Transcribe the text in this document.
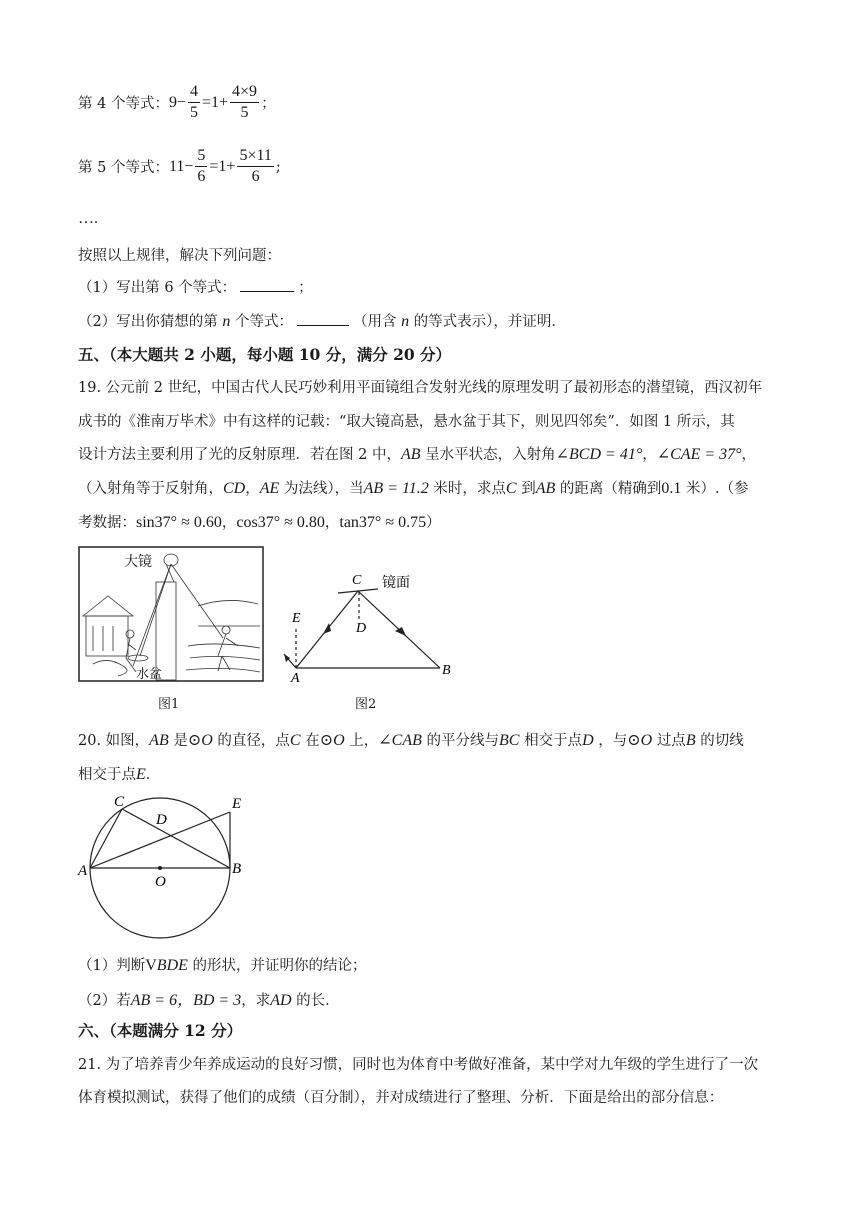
第 4 个等式： $9 - \frac{4}{5} =1+ \frac{4\times 9}{5}$ ；
第 5 个等式： $11 - \frac{5}{6} =1+ \frac{5\times 11}{6}$ ;
….
按照以上规律，解决下列问题：
（1）写出第 6 个等式：	；
（2）写出你猜想的第 n 个等式：	（用含 n 的等式表示），并证明．
五、（本大题共 2 小题，每小题 10 分，满分 20 分）
19. 公元前 2 世纪，中国古代人民巧妙利用平面镜组合发射光线的原理发明了最初形态的潜望镜，西汉初年
成书的《淮南万毕术》中有这样的记载：“取大镜高悬，悬水盆于其下，则见四邻矣”．如图 1 所示，其
设计方法主要利用了光的反射原理．若在图 2 中，AB 呈水平状态，入射角∠BCD = 41°，∠CAE = 37°，
（入射角等于反射角，CD，AE 为法线），当AB = 11.2 米时，求点C 到AB 的距离（精确到0.1 米）.（参
考数据：sin37° ≈ 0.60，cos37° ≈ 0.80，tan37° ≈ 0.75）
大镜
水盆
图1
C 镜面
D
E
A
B
图2
20. 如图，AB 是⊙O 的直径，点C 在⊙O 上，∠CAB 的平分线与BC 相交于点D ，与⊙O 过点B 的切线
相交于点E．
C
D
E
A
O
B
（1）判断VBDE 的形状，并证明你的结论；
（2）若AB = 6，BD = 3，求AD 的长．
六、（本题满分 12 分）
21. 为了培养青少年养成运动的良好习惯，同时也为体育中考做好准备，某中学对九年级的学生进行了一次
体育模拟测试，获得了他们的成绩（百分制），并对成绩进行了整理、分析．下面是给出的部分信息：
